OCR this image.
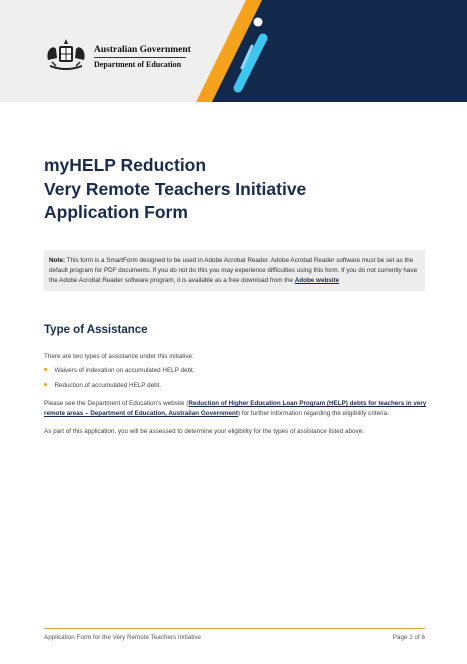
Australian Government
Department of Education
myHELP Reduction
Very Remote Teachers Initiative
Application Form
Note: This form is a SmartForm designed to be used in Adobe Acrobat Reader. Adobe Acrobat Reader software must be set as the default program for PDF documents. If you do not do this you may experience difficulties using this form. If you do not currently have the Adobe Acrobat Reader software program, it is available as a free download from the Adobe website
Type of Assistance
There are two types of assistance under this initiative:
Waivers of indexation on accumulated HELP debt.
Reduction of accumulated HELP debt.
Please see the Department of Education's website (Reduction of Higher Education Loan Program (HELP) debts for teachers in very remote areas – Department of Education, Australian Government) for further information regarding the eligibility criteria.
As part of this application, you will be assessed to determine your eligibility for the types of assistance listed above.
Application Form for the Very Remote Teachers Initiative	Page 1 of 6
